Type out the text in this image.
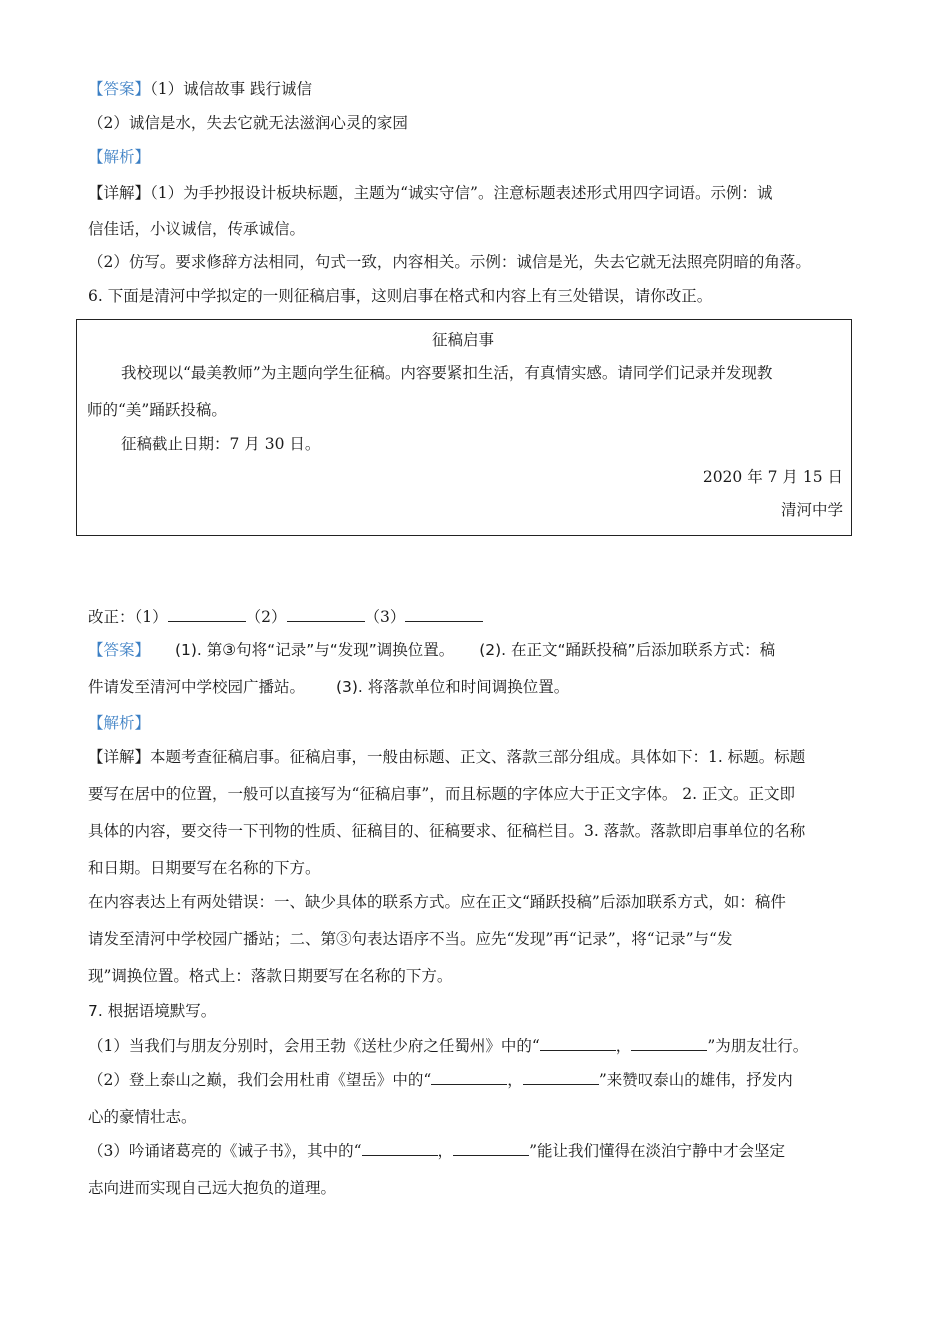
【答案】（1）诚信故事 践行诚信
（2）诚信是水，失去它就无法滋润心灵的家园
【解析】
【详解】（1）为手抄报设计板块标题，主题为“诚实守信”。注意标题表述形式用四字词语。示例：诚
信佳话，小议诚信，传承诚信。
（2）仿写。要求修辞方法相同，句式一致，内容相关。示例：诚信是光，失去它就无法照亮阴暗的角落。
6. 下面是清河中学拟定的一则征稿启事，这则启事在格式和内容上有三处错误，请你改正。
征稿启事
我校现以“最美教师”为主题向学生征稿。内容要紧扣生活，有真情实感。请同学们记录并发现教
师的“美”踊跃投稿。
征稿截止日期：7 月 30 日。
2020 年 7 月 15 日
清河中学
改正：（1）	（2）	（3）
【答案】 (1). 第③句将“记录”与“发现”调换位置。 (2). 在正文“踊跃投稿”后添加联系方式：稿
件请发至清河中学校园广播站。 (3). 将落款单位和时间调换位置。
【解析】
【详解】本题考查征稿启事。征稿启事，一般由标题、正文、落款三部分组成。具体如下：1. 标题。标题
要写在居中的位置，一般可以直接写为“征稿启事”，而且标题的字体应大于正文字体。 2. 正文。正文即
具体的内容，要交待一下刊物的性质、征稿目的、征稿要求、征稿栏目。3. 落款。落款即启事单位的名称
和日期。日期要写在名称的下方。
在内容表达上有两处错误：一、缺少具体的联系方式。应在正文“踊跃投稿”后添加联系方式，如：稿件
请发至清河中学校园广播站；二、第③句表达语序不当。应先“发现”再“记录”，将“记录”与“发
现”调换位置。格式上：落款日期要写在名称的下方。
7. 根据语境默写。
（1）当我们与朋友分别时，会用王勃《送杜少府之任蜀州》中的“	，	”为朋友壮行。
（2）登上泰山之巅，我们会用杜甫《望岳》中的“	，	”来赞叹泰山的雄伟，抒发内
心的豪情壮志。
（3）吟诵诸葛亮的《诫子书》，其中的“	，	”能让我们懂得在淡泊宁静中才会坚定
志向进而实现自己远大抱负的道理。
